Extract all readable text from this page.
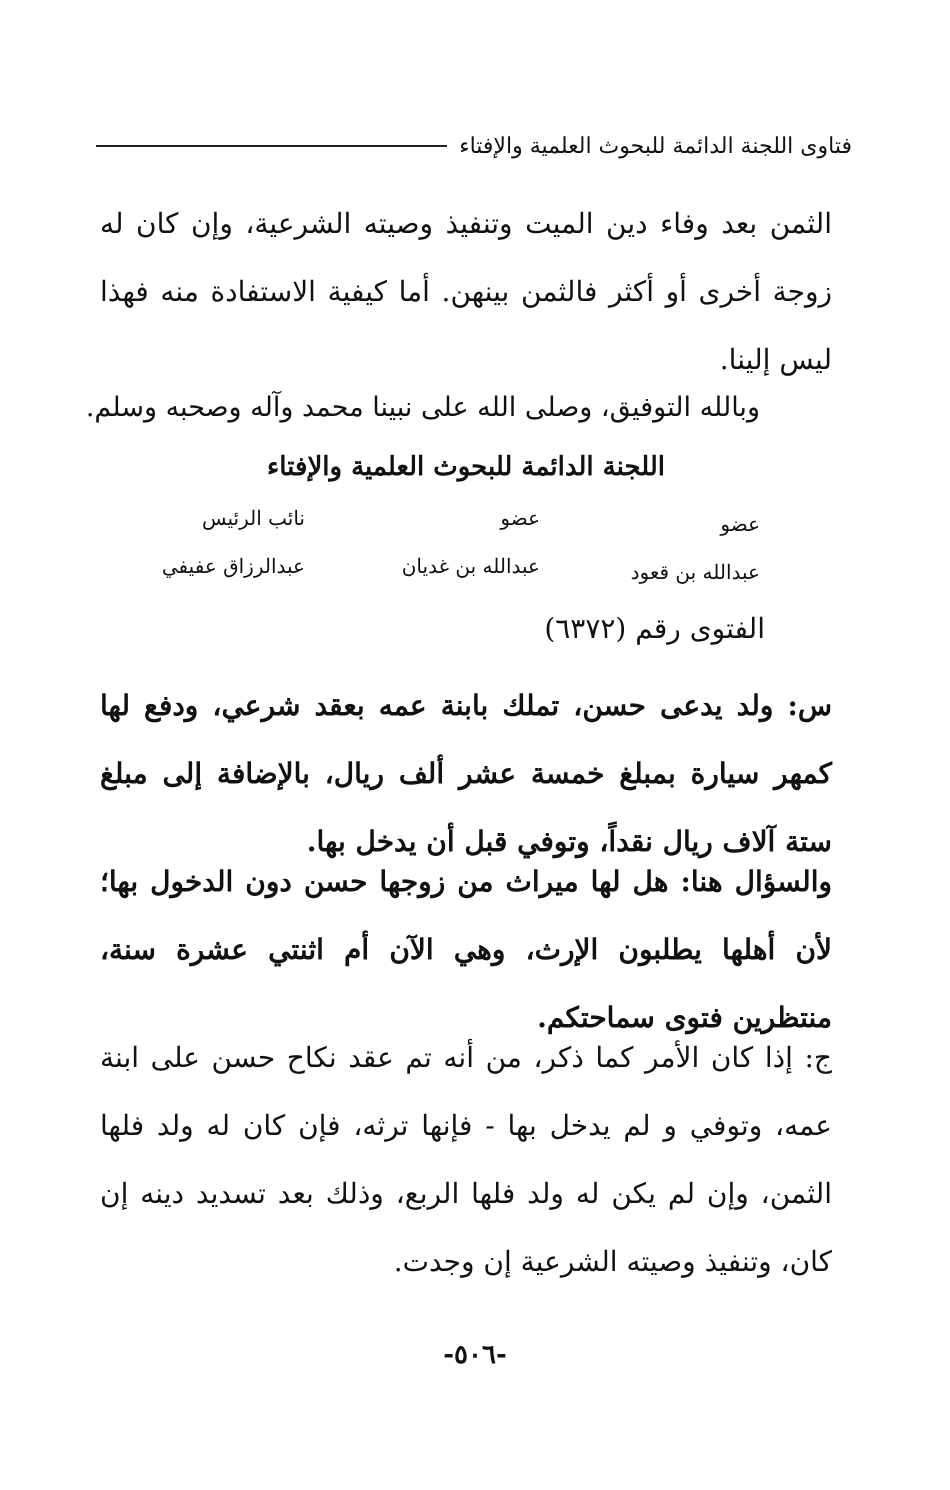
فتاوى اللجنة الدائمة للبحوث العلمية والإفتاء
الثمن بعد وفاء دين الميت وتنفيذ وصيته الشرعية، وإن كان له زوجة أخرى أو أكثر فالثمن بينهن. أما كيفية الاستفادة منه فهذا ليس إلينا.
وبالله التوفيق، وصلى الله على نبينا محمد وآله وصحبه وسلم.
اللجنة الدائمة للبحوث العلمية والإفتاء
عضو
عبدالله بن قعود
عضو
عبدالله بن غديان
نائب الرئيس
عبدالرزاق عفيفي
الفتوى رقم (٦٣٧٢)
س: ولد يدعى حسن، تملك بابنة عمه بعقد شرعي، ودفع لها كمهر سيارة بمبلغ خمسة عشر ألف ريال، بالإضافة إلى مبلغ ستة آلاف ريال نقداً، وتوفي قبل أن يدخل بها.
والسؤال هنا: هل لها ميراث من زوجها حسن دون الدخول بها؛ لأن أهلها يطلبون الإرث، وهي الآن أم اثنتي عشرة سنة، منتظرين فتوى سماحتكم.
ج: إذا كان الأمر كما ذكر، من أنه تم عقد نكاح حسن على ابنة عمه، وتوفي و لم يدخل بها - فإنها ترثه، فإن كان له ولد فلها الثمن، وإن لم يكن له ولد فلها الربع، وذلك بعد تسديد دينه إن كان، وتنفيذ وصيته الشرعية إن وجدت.
-٥٠٦-
